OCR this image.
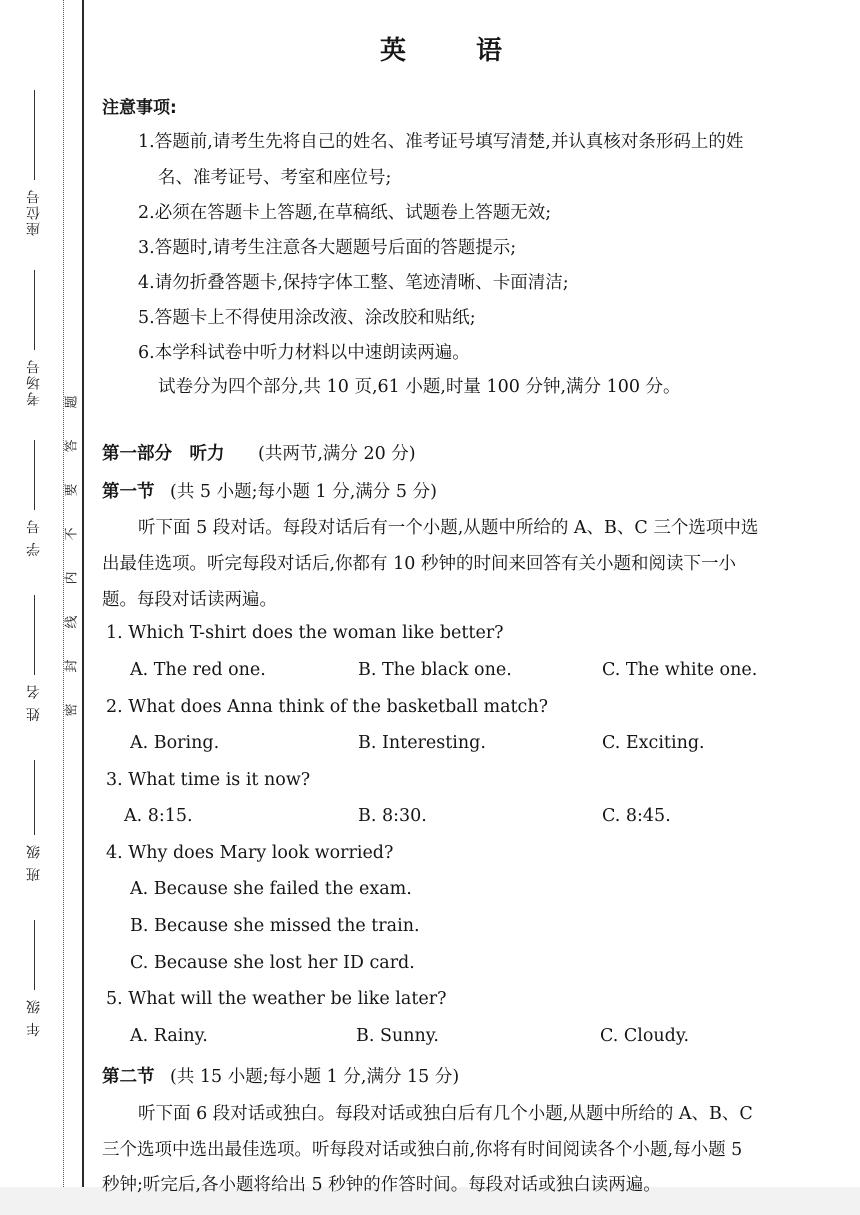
座位号
考场号
学 号
姓 名
班 级
年 级
题
答
要
不
内
线
封
密
英　语
注意事项:
1.答题前,请考生先将自己的姓名、准考证号填写清楚,并认真核对条形码上的姓
名、准考证号、考室和座位号;
2.必须在答题卡上答题,在草稿纸、试题卷上答题无效;
3.答题时,请考生注意各大题题号后面的答题提示;
4.请勿折叠答题卡,保持字体工整、笔迹清晰、卡面清洁;
5.答题卡上不得使用涂改液、涂改胶和贴纸;
6.本学科试卷中听力材料以中速朗读两遍。
试卷分为四个部分,共 10 页,61 小题,时量 100 分钟,满分 100 分。
第一部分　听力 (共两节,满分 20 分)
第一节 (共 5 小题;每小题 1 分,满分 5 分)
听下面 5 段对话。每段对话后有一个小题,从题中所给的 A、B、C 三个选项中选
出最佳选项。听完每段对话后,你都有 10 秒钟的时间来回答有关小题和阅读下一小
题。每段对话读两遍。
1. Which T-shirt does the woman like better?
A. The red one.	B. The black one.	C. The white one.
2. What does Anna think of the basketball match?
A. Boring.	B. Interesting.	C. Exciting.
3. What time is it now?
A. 8:15.	B. 8:30.	C. 8:45.
4. Why does Mary look worried?
A. Because she failed the exam.
B. Because she missed the train.
C. Because she lost her ID card.
5. What will the weather be like later?
A. Rainy.	B. Sunny.	C. Cloudy.
第二节 (共 15 小题;每小题 1 分,满分 15 分)
听下面 6 段对话或独白。每段对话或独白后有几个小题,从题中所给的 A、B、C
三个选项中选出最佳选项。听每段对话或独白前,你将有时间阅读各个小题,每小题 5
秒钟;听完后,各小题将给出 5 秒钟的作答时间。每段对话或独白读两遍。
